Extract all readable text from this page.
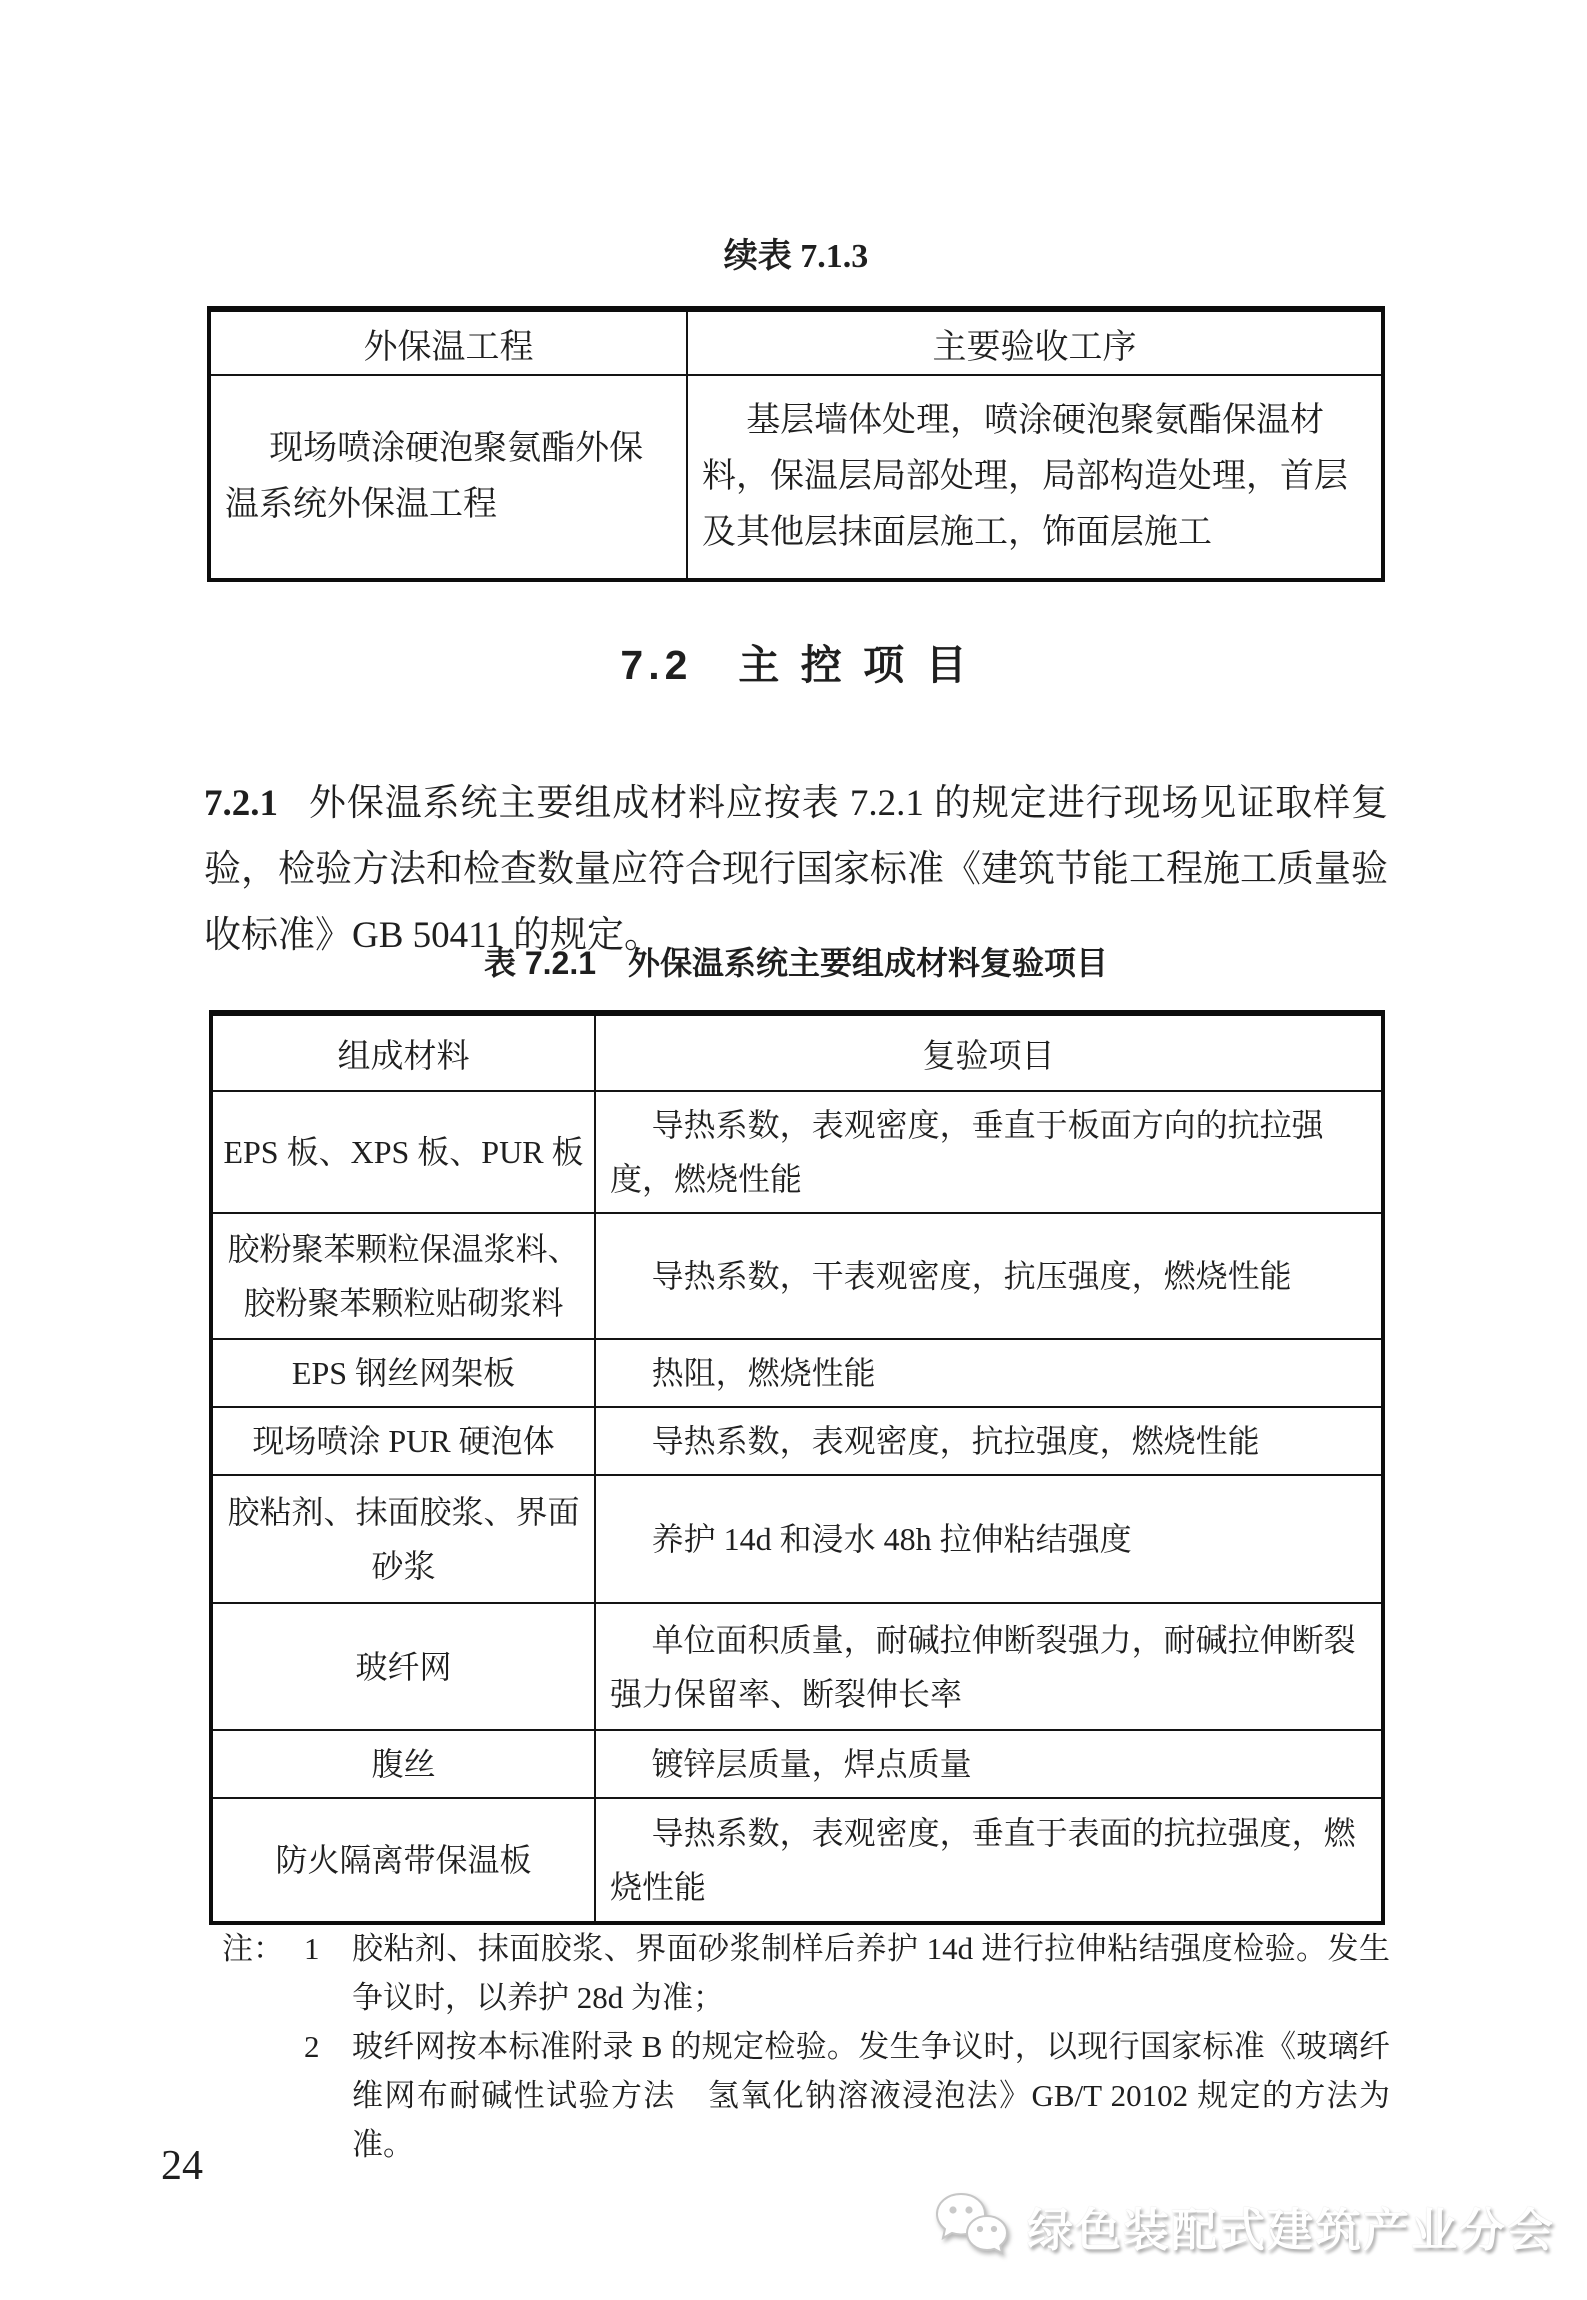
续表 7.1.3
外保温工程	主要验收工序

现场喷涂硬泡聚氨酯外保温系统外保温工程	基层墙体处理，喷涂硬泡聚氨酯保温材料，保温层局部处理，局部构造处理，首层及其他层抹面层施工，饰面层施工

7.2　主 控 项 目

7.2.1 外保温系统主要组成材料应按表 7.2.1 的规定进行现场见证取样复验，检验方法和检查数量应符合现行国家标准《建筑节能工程施工质量验收标准》GB 50411 的规定。

表 7.2.1　外保温系统主要组成材料复验项目
组成材料	复验项目
EPS 板、XPS 板、PUR 板	导热系数，表观密度，垂直于板面方向的抗拉强度，燃烧性能

胶粉聚苯颗粒保温浆料、胶粉聚苯颗粒贴砌浆料	导热系数，干表观密度，抗压强度，燃烧性能

EPS 钢丝网架板	热阻，燃烧性能

现场喷涂 PUR 硬泡体	导热系数，表观密度，抗拉强度，燃烧性能

胶粘剂、抹面胶浆、界面砂浆	养护 14d 和浸水 48h 拉伸粘结强度

玻纤网	单位面积质量，耐碱拉伸断裂强力，耐碱拉伸断裂强力保留率、断裂伸长率

腹丝	镀锌层质量，焊点质量

防火隔离带保温板	导热系数，表观密度，垂直于表面的抗拉强度，燃烧性能

注： 1	胶粘剂、抹面胶浆、界面砂浆制样后养护 14d 进行拉伸粘结强度检验。发生争议时，以养护 28d 为准；

2	玻纤网按本标准附录 B 的规定检验。发生争议时，以现行国家标准《玻璃纤维网布耐碱性试验方法　氢氧化钠溶液浸泡法》GB/T 20102 规定的方法为准。

24
绿色装配式建筑产业分会
